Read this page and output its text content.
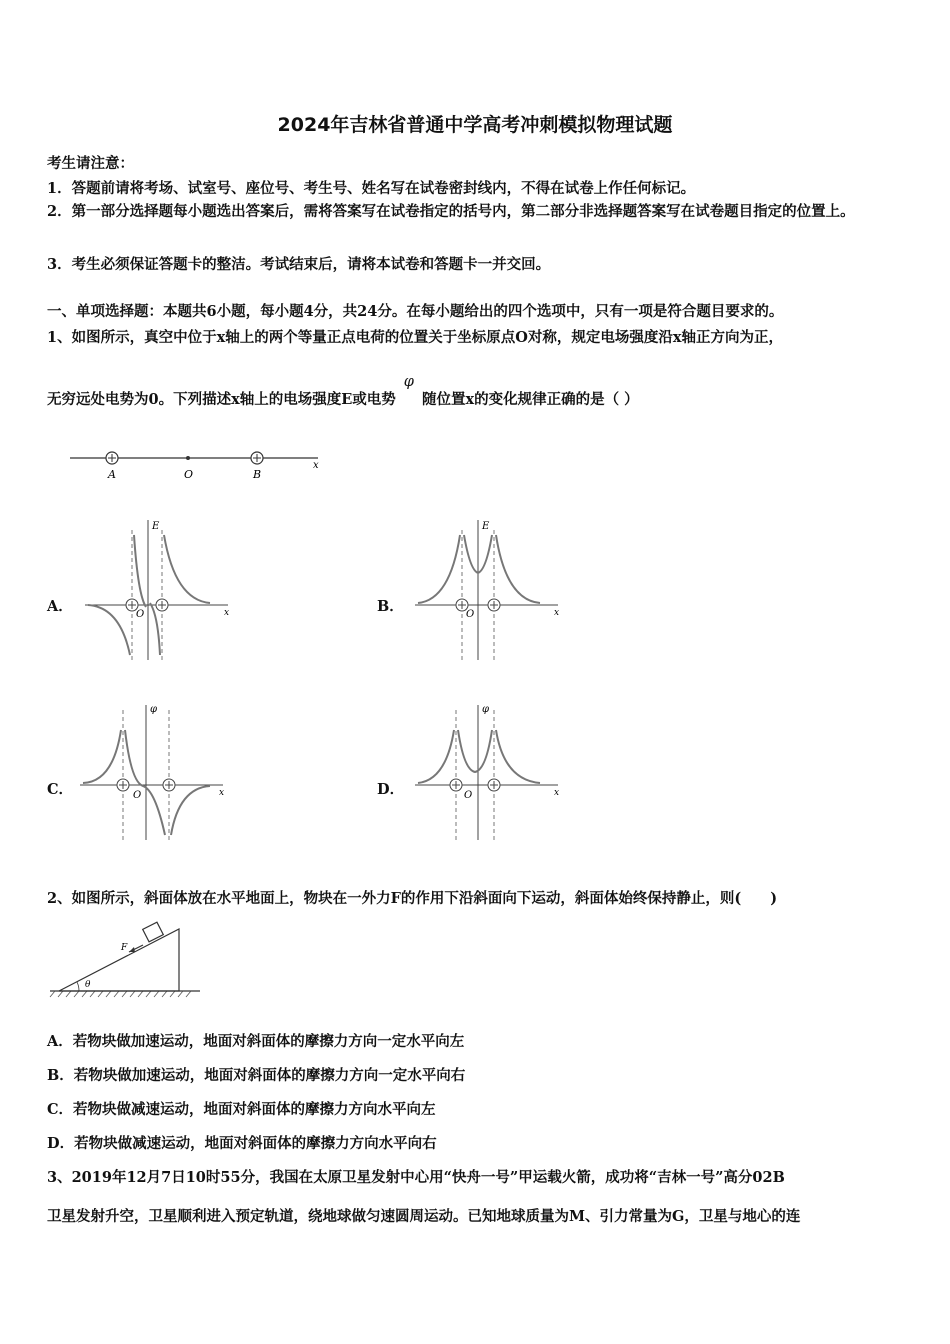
2024年吉林省普通中学高考冲刺模拟物理试题
考生请注意：
1．答题前请将考场、试室号、座位号、考生号、姓名写在试卷密封线内，不得在试卷上作任何标记。
2．第一部分选择题每小题选出答案后，需将答案写在试卷指定的括号内，第二部分非选择题答案写在试卷题目指定的位置上。
3．考生必须保证答题卡的整洁。考试结束后，请将本试卷和答题卡一并交回。
一、单项选择题：本题共6小题，每小题4分，共24分。在每小题给出的四个选项中，只有一项是符合题目要求的。
1、如图所示，真空中位于x轴上的两个等量正点电荷的位置关于坐标原点O对称，规定电场强度沿x轴正方向为正，
无穷远处电势为0。下列描述x轴上的电场强度E或电势φ随位置x的变化规律正确的是（ ）
A	O	B
x
A．
E
O	x	B．
E
O	x
C．
φ
O	x	D．
φ
O	x
2、如图所示，斜面体放在水平地面上，物块在一外力F的作用下沿斜面向下运动，斜面体始终保持静止，则(　　)
F
θ
A．若物块做加速运动，地面对斜面体的摩擦力方向一定水平向左
B．若物块做加速运动，地面对斜面体的摩擦力方向一定水平向右
C．若物块做减速运动，地面对斜面体的摩擦力方向水平向左
D．若物块做减速运动，地面对斜面体的摩擦力方向水平向右
3、2019年12月7日10时55分，我国在太原卫星发射中心用“快舟一号”甲运载火箭，成功将“吉林一号”高分02B
卫星发射升空，卫星顺利进入预定轨道，绕地球做匀速圆周运动。已知地球质量为M、引力常量为G，卫星与地心的连
